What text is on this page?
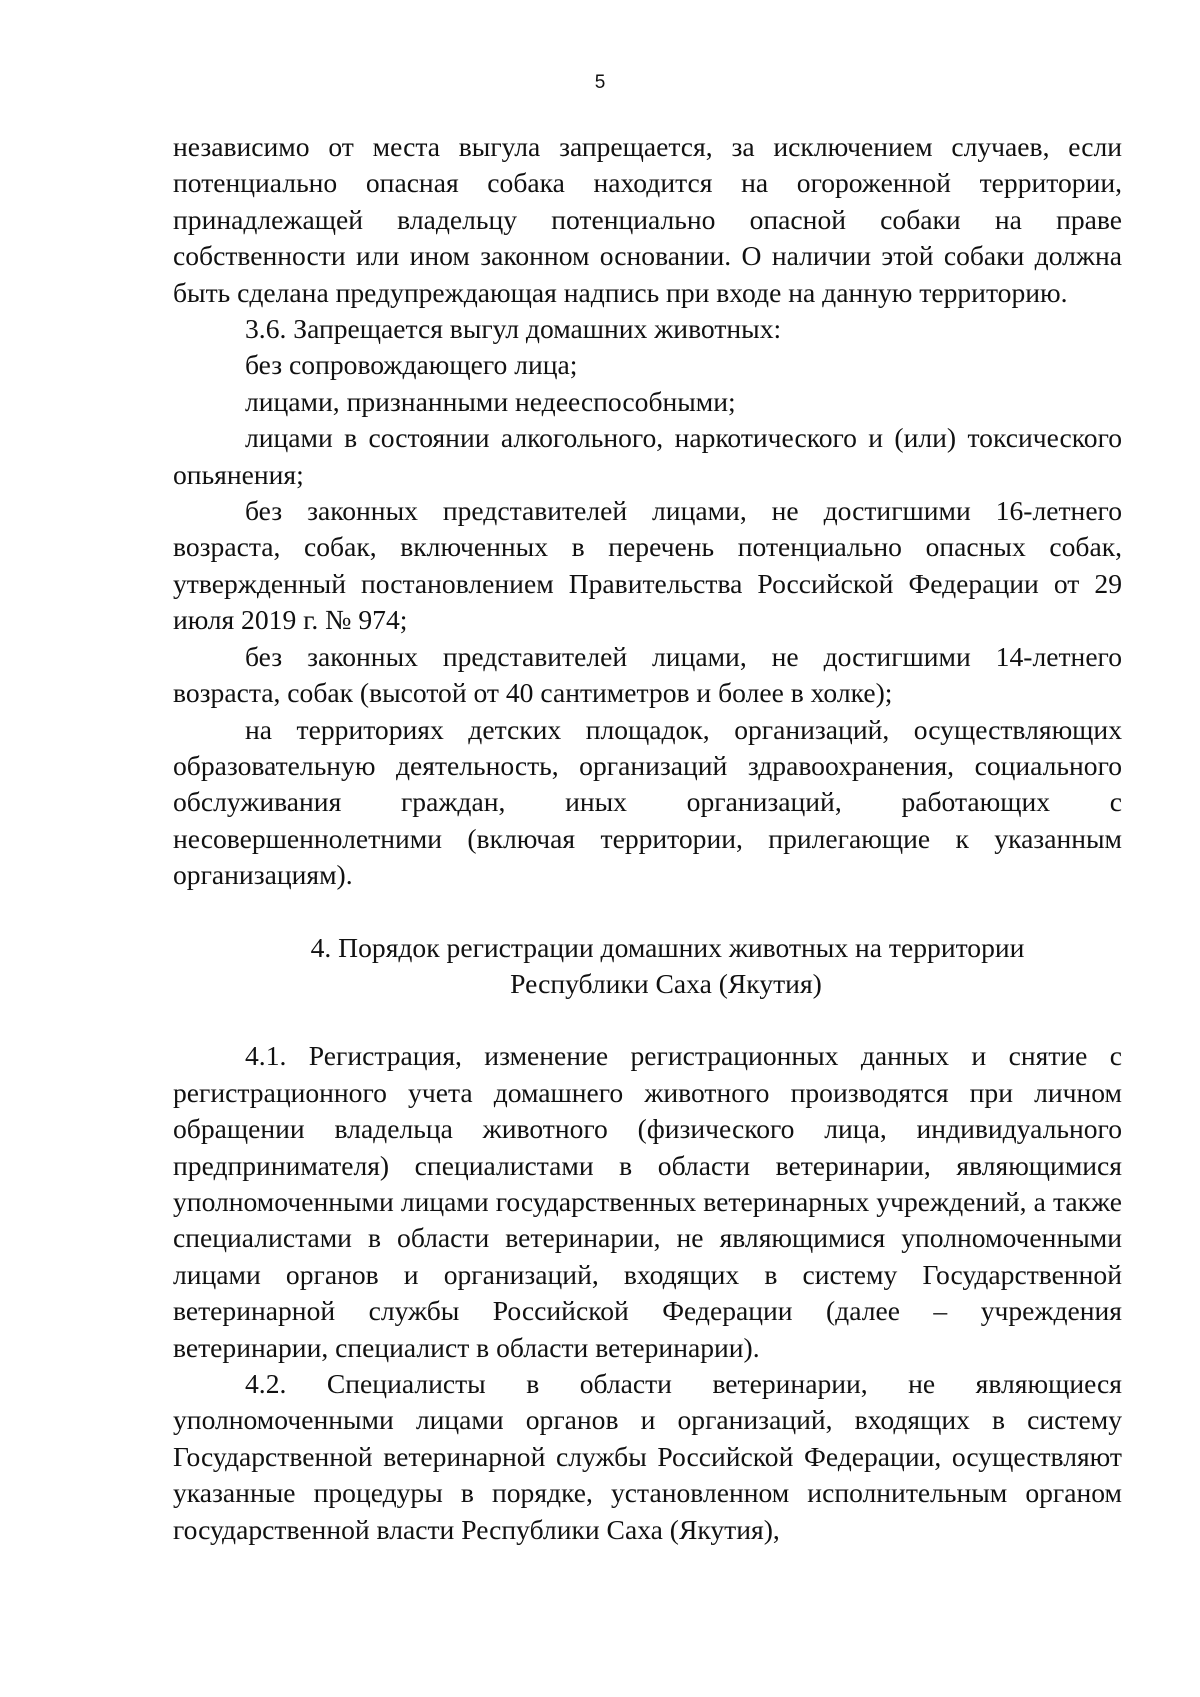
5

независимо от места выгула запрещается, за исключением случаев, если потенциально опасная собака находится на огороженной территории, принадлежащей владельцу потенциально опасной собаки на праве собственности или ином законном основании. О наличии этой собаки должна быть сделана предупреждающая надпись при входе на данную территорию.

3.6. Запрещается выгул домашних животных:

без сопровождающего лица;

лицами, признанными недееспособными;

лицами в состоянии алкогольного, наркотического и (или) токсического опьянения;

без законных представителей лицами, не достигшими 16-летнего возраста, собак, включенных в перечень потенциально опасных собак, утвержденный постановлением Правительства Российской Федерации от 29 июля 2019 г. № 974;

без законных представителей лицами, не достигшими 14-летнего возраста, собак (высотой от 40 сантиметров и более в холке);

на территориях детских площадок, организаций, осуществляющих образовательную деятельность, организаций здравоохранения, социального обслуживания граждан, иных организаций, работающих с несовершеннолетними (включая территории, прилегающие к указанным организациям).

4. Порядок регистрации домашних животных на территории
Республики Саха (Якутия)

4.1. Регистрация, изменение регистрационных данных и снятие с регистрационного учета домашнего животного производятся при личном обращении владельца животного (физического лица, индивидуального предпринимателя) специалистами в области ветеринарии, являющимися уполномоченными лицами государственных ветеринарных учреждений, а также специалистами в области ветеринарии, не являющимися уполномоченными лицами органов и организаций, входящих в систему Государственной ветеринарной службы Российской Федерации (далее – учреждения ветеринарии, специалист в области ветеринарии).

4.2. Специалисты в области ветеринарии, не являющиеся уполномоченными лицами органов и организаций, входящих в систему Государственной ветеринарной службы Российской Федерации, осуществляют указанные процедуры в порядке, установленном исполнительным органом государственной власти Республики Саха (Якутия),
